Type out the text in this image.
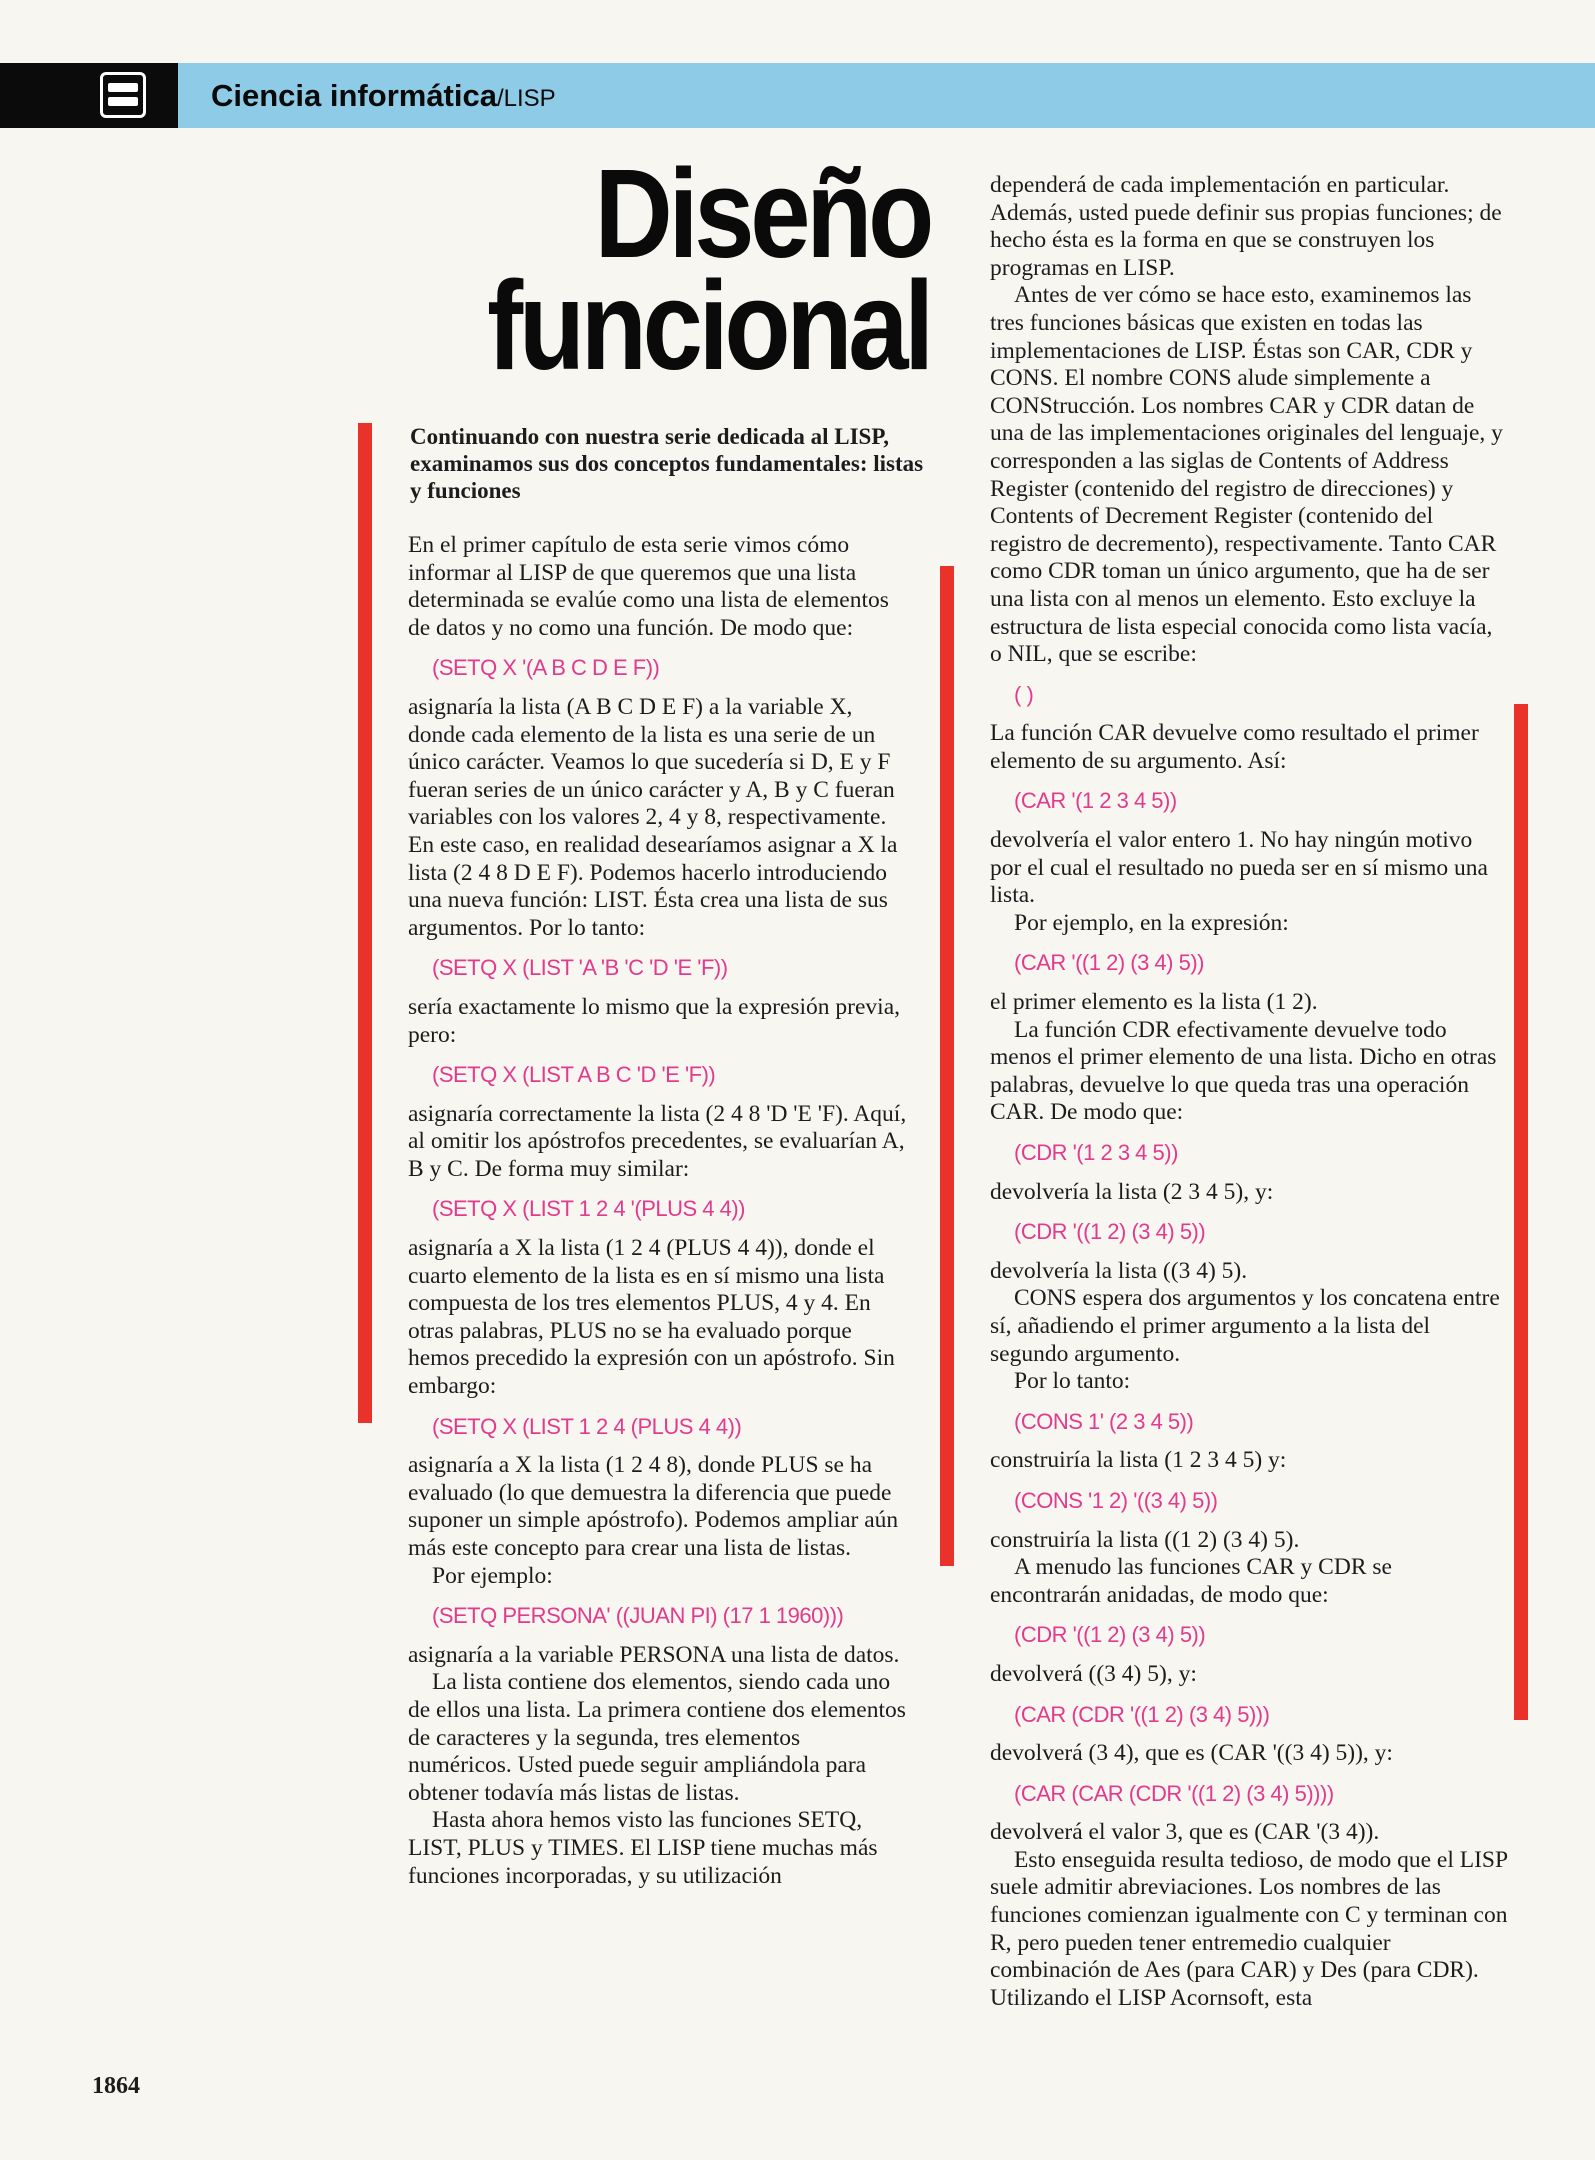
Ciencia informática/LISP
Diseño
funcional

Continuando con nuestra serie dedicada al LISP, examinamos sus dos conceptos fundamentales: listas y funciones

En el primer capítulo de esta serie vimos cómo informar al LISP de que queremos que una lista determinada se evalúe como una lista de elementos de datos y no como una función. De modo que:

(SETQ X '(A B C D E F))

asignaría la lista (A B C D E F) a la variable X, donde cada elemento de la lista es una serie de un único carácter. Veamos lo que sucedería si D, E y F fueran series de un único carácter y A, B y C fueran variables con los valores 2, 4 y 8, respectivamente. En este caso, en realidad desearíamos asignar a X la lista (2 4 8 D E F). Podemos hacerlo introduciendo una nueva función: LIST. Ésta crea una lista de sus argumentos. Por lo tanto:

(SETQ X (LIST 'A 'B 'C 'D 'E 'F))

sería exactamente lo mismo que la expresión previa, pero:

(SETQ X (LIST A B C 'D 'E 'F))

asignaría correctamente la lista (2 4 8 'D 'E 'F). Aquí, al omitir los apóstrofos precedentes, se evaluarían A, B y C. De forma muy similar:

(SETQ X (LIST 1 2 4 '(PLUS 4 4))

asignaría a X la lista (1 2 4 (PLUS 4 4)), donde el cuarto elemento de la lista es en sí mismo una lista compuesta de los tres elementos PLUS, 4 y 4. En otras palabras, PLUS no se ha evaluado porque hemos precedido la expresión con un apóstrofo. Sin embargo:

(SETQ X (LIST 1 2 4 (PLUS 4 4))

asignaría a X la lista (1 2 4 8), donde PLUS se ha evaluado (lo que demuestra la diferencia que puede suponer un simple apóstrofo). Podemos ampliar aún más este concepto para crear una lista de listas.

Por ejemplo:

(SETQ PERSONA' ((JUAN PI) (17 1 1960)))

asignaría a la variable PERSONA una lista de datos.

La lista contiene dos elementos, siendo cada uno de ellos una lista. La primera contiene dos elementos de caracteres y la segunda, tres elementos numéricos. Usted puede seguir ampliándola para obtener todavía más listas de listas.

Hasta ahora hemos visto las funciones SETQ, LIST, PLUS y TIMES. El LISP tiene muchas más funciones incorporadas, y su utilización

dependerá de cada implementación en particular. Además, usted puede definir sus propias funciones; de hecho ésta es la forma en que se construyen los programas en LISP.

Antes de ver cómo se hace esto, examinemos las tres funciones básicas que existen en todas las implementaciones de LISP. Éstas son CAR, CDR y CONS. El nombre CONS alude simplemente a CONStrucción. Los nombres CAR y CDR datan de una de las implementaciones originales del lenguaje, y corresponden a las siglas de Contents of Address Register (contenido del registro de direcciones) y Contents of Decrement Register (contenido del registro de decremento), respectivamente. Tanto CAR como CDR toman un único argumento, que ha de ser una lista con al menos un elemento. Esto excluye la estructura de lista especial conocida como lista vacía, o NIL, que se escribe:

( )

La función CAR devuelve como resultado el primer elemento de su argumento. Así:

(CAR '(1 2 3 4 5))

devolvería el valor entero 1. No hay ningún motivo por el cual el resultado no pueda ser en sí mismo una lista.

Por ejemplo, en la expresión:

(CAR '((1 2) (3 4) 5))

el primer elemento es la lista (1 2).

La función CDR efectivamente devuelve todo menos el primer elemento de una lista. Dicho en otras palabras, devuelve lo que queda tras una operación CAR. De modo que:

(CDR '(1 2 3 4 5))

devolvería la lista (2 3 4 5), y:

(CDR '((1 2) (3 4) 5))

devolvería la lista ((3 4) 5).

CONS espera dos argumentos y los concatena entre sí, añadiendo el primer argumento a la lista del segundo argumento.

Por lo tanto:

(CONS 1' (2 3 4 5))

construiría la lista (1 2 3 4 5) y:

(CONS '1 2) '((3 4) 5))

construiría la lista ((1 2) (3 4) 5).

A menudo las funciones CAR y CDR se encontrarán anidadas, de modo que:

(CDR '((1 2) (3 4) 5))

devolverá ((3 4) 5), y:

(CAR (CDR '((1 2) (3 4) 5)))

devolverá (3 4), que es (CAR '((3 4) 5)), y:

(CAR (CAR (CDR '((1 2) (3 4) 5))))

devolverá el valor 3, que es (CAR '(3 4)).

Esto enseguida resulta tedioso, de modo que el LISP suele admitir abreviaciones. Los nombres de las funciones comienzan igualmente con C y terminan con R, pero pueden tener entremedio cualquier combinación de Aes (para CAR) y Des (para CDR). Utilizando el LISP Acornsoft, esta

1864
